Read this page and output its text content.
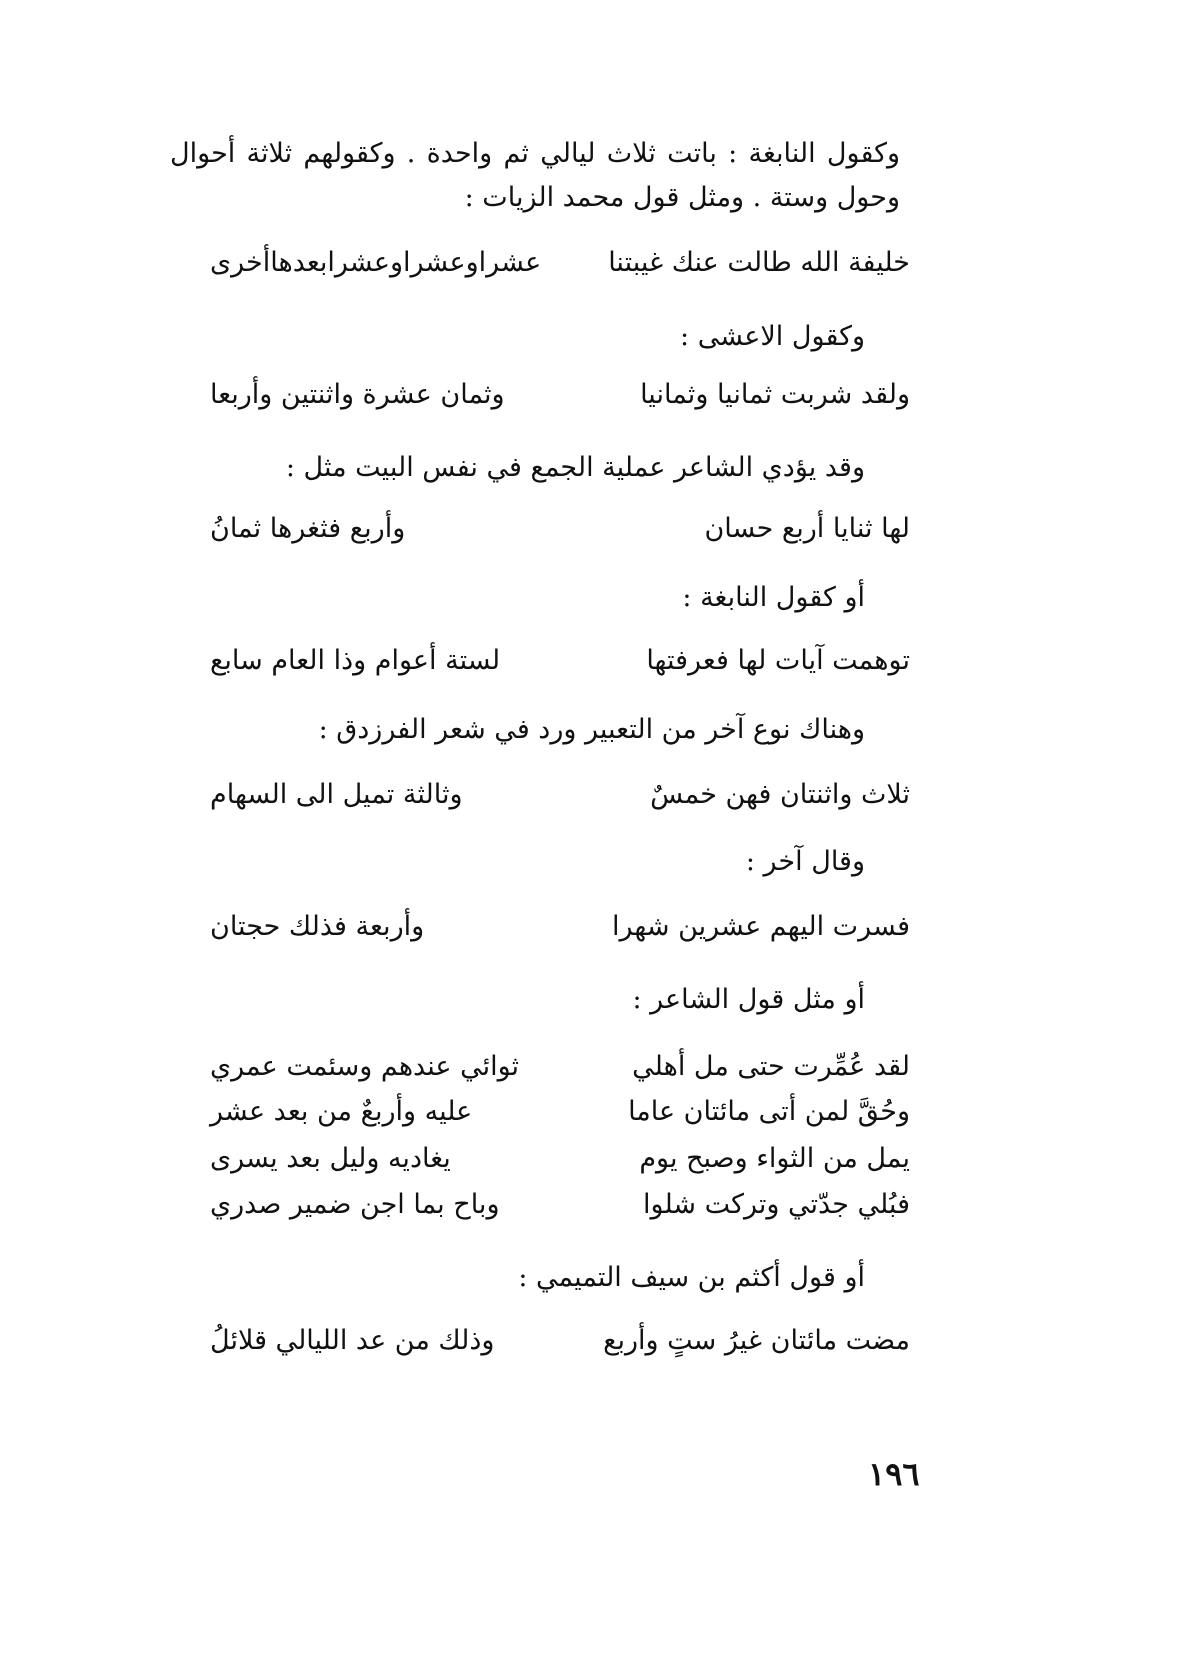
وكقول النابغة : باتت ثلاث ليالي ثم واحدة . وكقولهم ثلاثة أحوال وحول وستة . ومثل قول محمد الزيات :
خليفة الله طالت عنك غيبتنا
عشراوعشراوعشرابعدهاأخرى
وكقول الاعشى :
ولقد شربت ثمانيا وثمانيا
وثمان عشرة واثنتين وأربعا
وقد يؤدي الشاعر عملية الجمع في نفس البيت مثل :
لها ثنايا أربع حسان
وأربع فثغرها ثمانُ
أو كقول النابغة :
توهمت آيات لها فعرفتها
لستة أعوام وذا العام سابع
وهناك نوع آخر من التعبير ورد في شعر الفرزدق :
ثلاث واثنتان فهن خمسٌ
وثالثة تميل الى السهام
وقال آخر :
فسرت اليهم عشرين شهرا
وأربعة فذلك حجتان
أو مثل قول الشاعر :
لقد عُمِّرت حتى مل أهلي
ثوائي عندهم وسئمت عمري
وحُقَّ لمن أتى مائتان عاما
عليه وأربعٌ من بعد عشر
يمل من الثواء وصبح يوم
يغاديه وليل بعد يسرى
فبُلي جدّتي وتركت شلوا
وباح بما اجن ضمير صدري
أو قول أكثم بن سيف التميمي :
مضت مائتان غيرُ ستٍ وأربع
وذلك من عد الليالي قلائلُ
١٩٦
